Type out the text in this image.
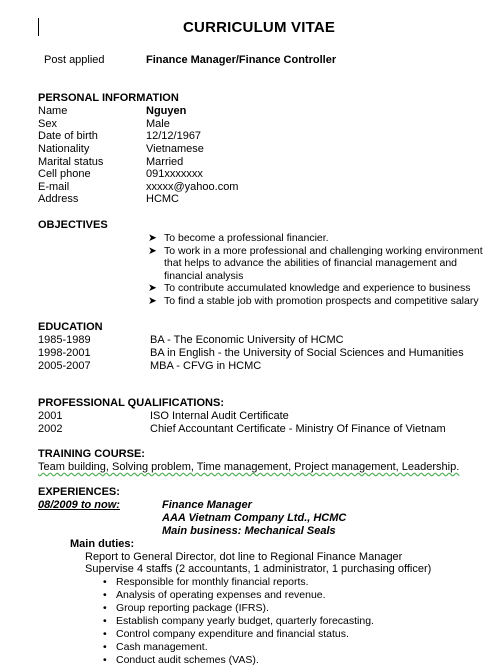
CURRICULUM VITAE
Post applied	Finance Manager/Finance Controller
PERSONAL INFORMATION
Name	Nguyen
Sex	Male
Date of birth	12/12/1967
Nationality	Vietnamese
Marital status	Married
Cell phone	091xxxxxxx
E-mail	xxxxx@yahoo.com
Address	HCMC
OBJECTIVES
➤ To become a professional financier.
➤ To work in a more professional and challenging working environment that helps to advance the abilities of financial management and financial analysis
➤ To contribute accumulated knowledge and experience to business
➤ To find a stable job with promotion prospects and competitive salary
EDUCATION
1985-1989	BA - The Economic University of HCMC
1998-2001	BA in English - the University of Social Sciences and Humanities
2005-2007	MBA - CFVG in HCMC
PROFESSIONAL QUALIFICATIONS:
2001	ISO Internal Audit Certificate
2002	Chief Accountant Certificate - Ministry Of Finance of Vietnam
TRAINING COURSE:
Team building, Solving problem, Time management, Project management, Leadership.
EXPERIENCES:
08/2009 to now:	Finance Manager
AAA Vietnam Company Ltd., HCMC
Main business: Mechanical Seals
Main duties:
Report to General Director, dot line to Regional Finance Manager
Supervise 4 staffs (2 accountants, 1 administrator, 1 purchasing officer)
• Responsible for monthly financial reports.
• Analysis of operating expenses and revenue.
• Group reporting package (IFRS).
• Establish company yearly budget, quarterly forecasting.
• Control company expenditure and financial status.
• Cash management.
• Conduct audit schemes (VAS).
